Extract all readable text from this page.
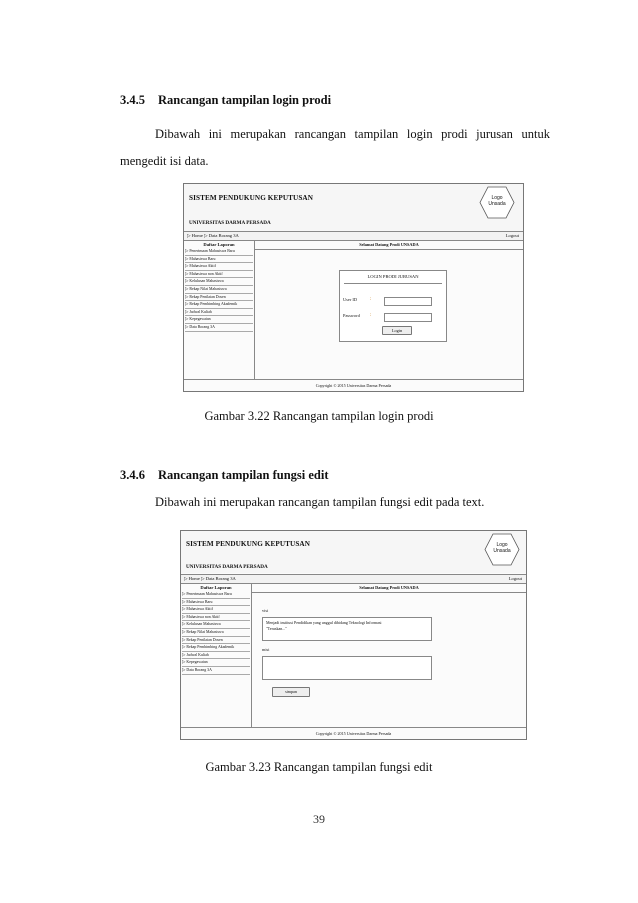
3.4.5 Rancangan tampilan login prodi
Dibawah ini merupakan rancangan tampilan login prodi jurusan untuk
mengedit isi data.
SISTEM PENDUKUNG KEPUTUSAN
UNIVERSITAS DARMA PERSADA
Logo
Unsada
▷ Home ▷ Data Borang 3A	Logout
Daftar Laporan
▷Penerimaan Mahasiswa Baru
▷Mahasiswa Baru
▷Mahasiswa Aktif
▷Mahasiswa non Aktif
▷Kelulusan Mahasiswa
▷Rekap Nilai Mahasiswa
▷Rekap Penilaian Dosen
▷Rekap Pembimbing Akademik
▷Jadwal Kuliah
▷Kepegawaian
▷Data Borang 3A
Selamat Datang Prodi UNSADA
LOGIN PRODI JURUSAN
User ID	:
Password :
Login
Copyright © 2015 Universitas Darma Persada
Gambar 3.22 Rancangan tampilan login prodi
3.4.6 Rancangan tampilan fungsi edit
Dibawah ini merupakan rancangan tampilan fungsi edit pada text.
SISTEM PENDUKUNG KEPUTUSAN
UNIVERSITAS DARMA PERSADA
Logo
Unsada
▷ Home ▷ Data Borang 3A	Logout
Daftar Laporan
▷Penerimaan Mahasiswa Baru
▷Mahasiswa Baru
▷Mahasiswa Aktif
▷Mahasiswa non Aktif
▷Kelulusan Mahasiswa
▷Rekap Nilai Mahasiswa
▷Rekap Penilaian Dosen
▷Rekap Pembimbing Akademik
▷Jadwal Kuliah
▷Kepegawaian
▷Data Borang 3A
Selamat Datang Prodi UNSADA
visi
Menjadi institusi Pendidikan yang unggul dibidang Teknologi Informasi
"Teruskan..."
misi
simpan
Copyright © 2015 Universitas Darma Persada
Gambar 3.23 Rancangan tampilan fungsi edit
39
